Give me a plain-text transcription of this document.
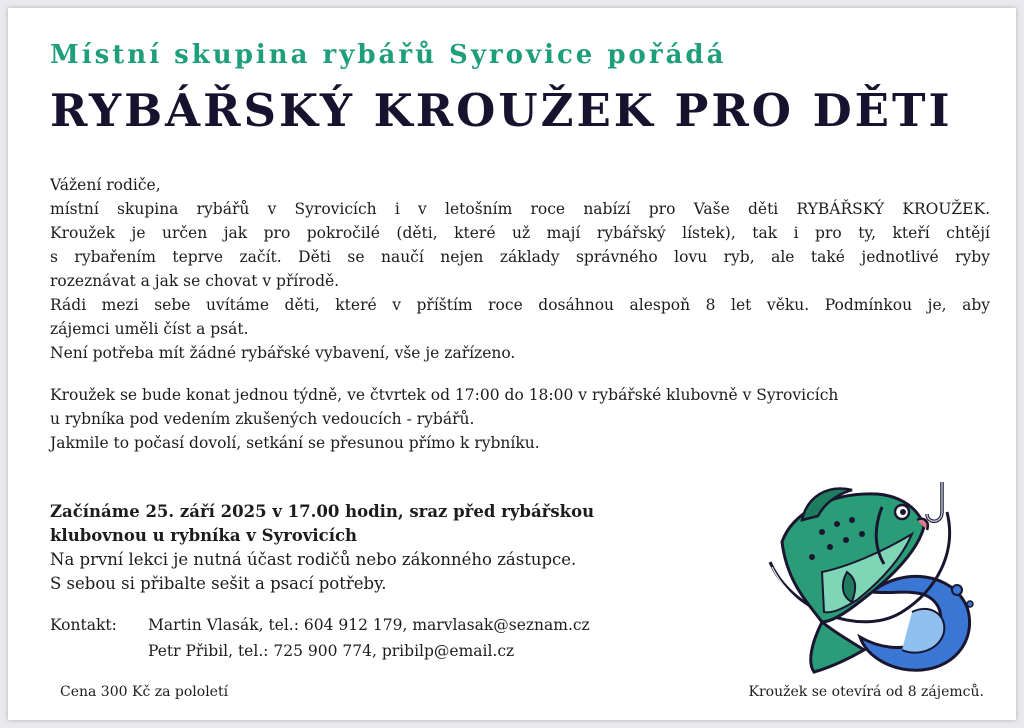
Místní skupina rybářů Syrovice pořádá
RYBÁŘSKÝ KROUŽEK PRO DĚTI

Vážení rodiče,

místní skupina rybářů v Syrovicích i v letošním roce nabízí pro Vaše děti RYBÁŘSKÝ KROUŽEK.

Kroužek je určen jak pro pokročilé (děti, které už mají rybářský lístek), tak i pro ty, kteří chtějí

s rybařením teprve začít. Děti se naučí nejen základy správného lovu ryb, ale také jednotlivé ryby

rozeznávat a jak se chovat v přírodě.

Rádi mezi sebe uvítáme děti, které v příštím roce dosáhnou alespoň 8 let věku. Podmínkou je, aby

zájemci uměli číst a psát.

Není potřeba mít žádné rybářské vybavení, vše je zařízeno.

Kroužek se bude konat jednou týdně, ve čtvrtek od 17:00 do 18:00 v rybářské klubovně v Syrovicích

u rybníka pod vedením zkušených vedoucích - rybářů.

Jakmile to počasí dovolí, setkání se přesunou přímo k rybníku.

Začínáme 25. září 2025 v 17.00 hodin, sraz před rybářskou
klubovnou u rybníka v Syrovicích
Na první lekci je nutná účast rodičů nebo zákonného zástupce.
S sebou si přibalte sešit a psací potřeby.
Kontakt:	Martin Vlasák, tel.: 604 912 179, marvlasak@seznam.cz
Petr Přibil, tel.: 725 900 774, pribilp@email.cz
Cena 300 Kč za pololetí	Kroužek se otevírá od 8 zájemců.
